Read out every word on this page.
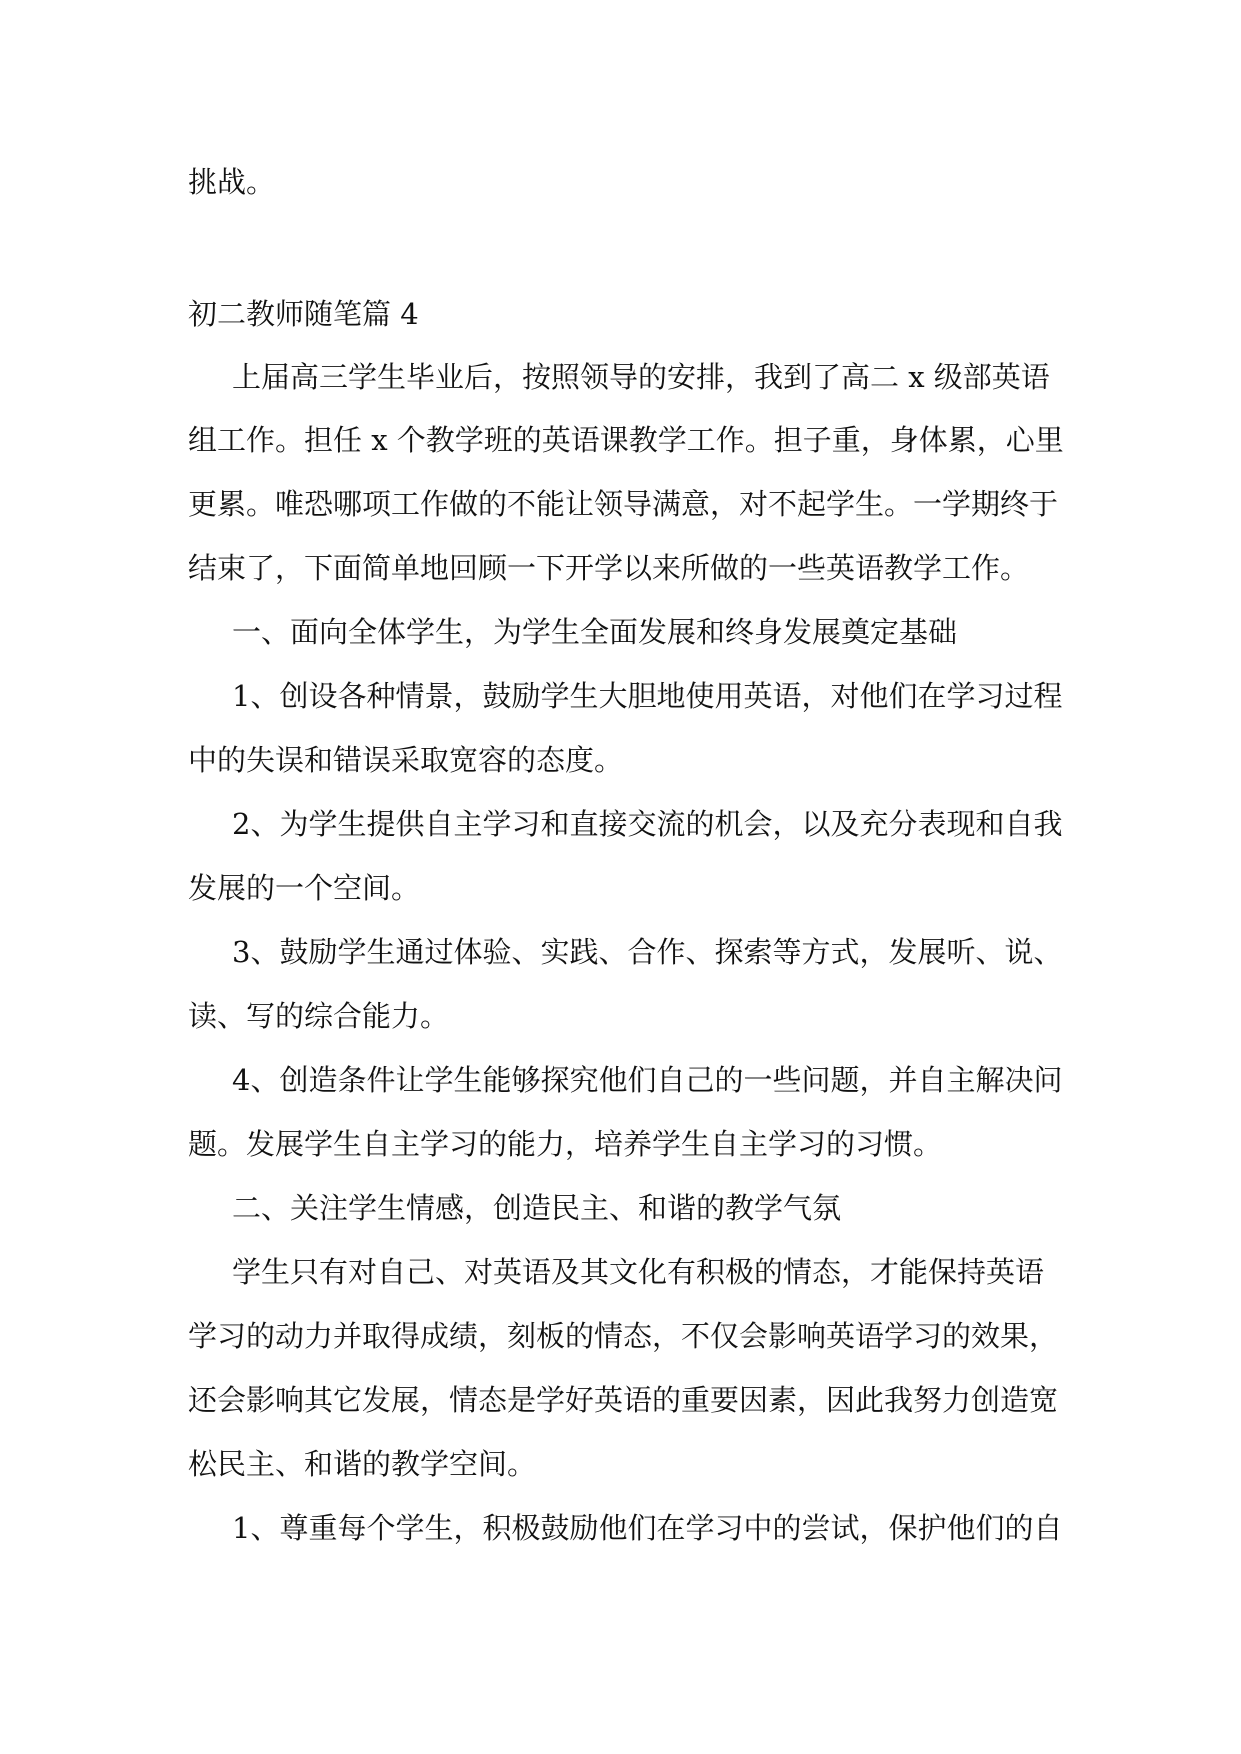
挑战。
初二教师随笔篇 4
上届高三学生毕业后，按照领导的安排，我到了高二 x 级部英语
组工作。担任 x 个教学班的英语课教学工作。担子重，身体累，心里
更累。唯恐哪项工作做的不能让领导满意，对不起学生。一学期终于
结束了，下面简单地回顾一下开学以来所做的一些英语教学工作。
一、面向全体学生，为学生全面发展和终身发展奠定基础
1、创设各种情景，鼓励学生大胆地使用英语，对他们在学习过程
中的失误和错误采取宽容的态度。
2、为学生提供自主学习和直接交流的机会，以及充分表现和自我
发展的一个空间。
3、鼓励学生通过体验、实践、合作、探索等方式，发展听、说、
读、写的综合能力。
4、创造条件让学生能够探究他们自己的一些问题，并自主解决问
题。发展学生自主学习的能力，培养学生自主学习的习惯。
二、关注学生情感，创造民主、和谐的教学气氛
学生只有对自己、对英语及其文化有积极的情态，才能保持英语
学习的动力并取得成绩，刻板的情态，不仅会影响英语学习的效果，
还会影响其它发展，情态是学好英语的重要因素，因此我努力创造宽
松民主、和谐的教学空间。
1、尊重每个学生，积极鼓励他们在学习中的尝试，保护他们的自
